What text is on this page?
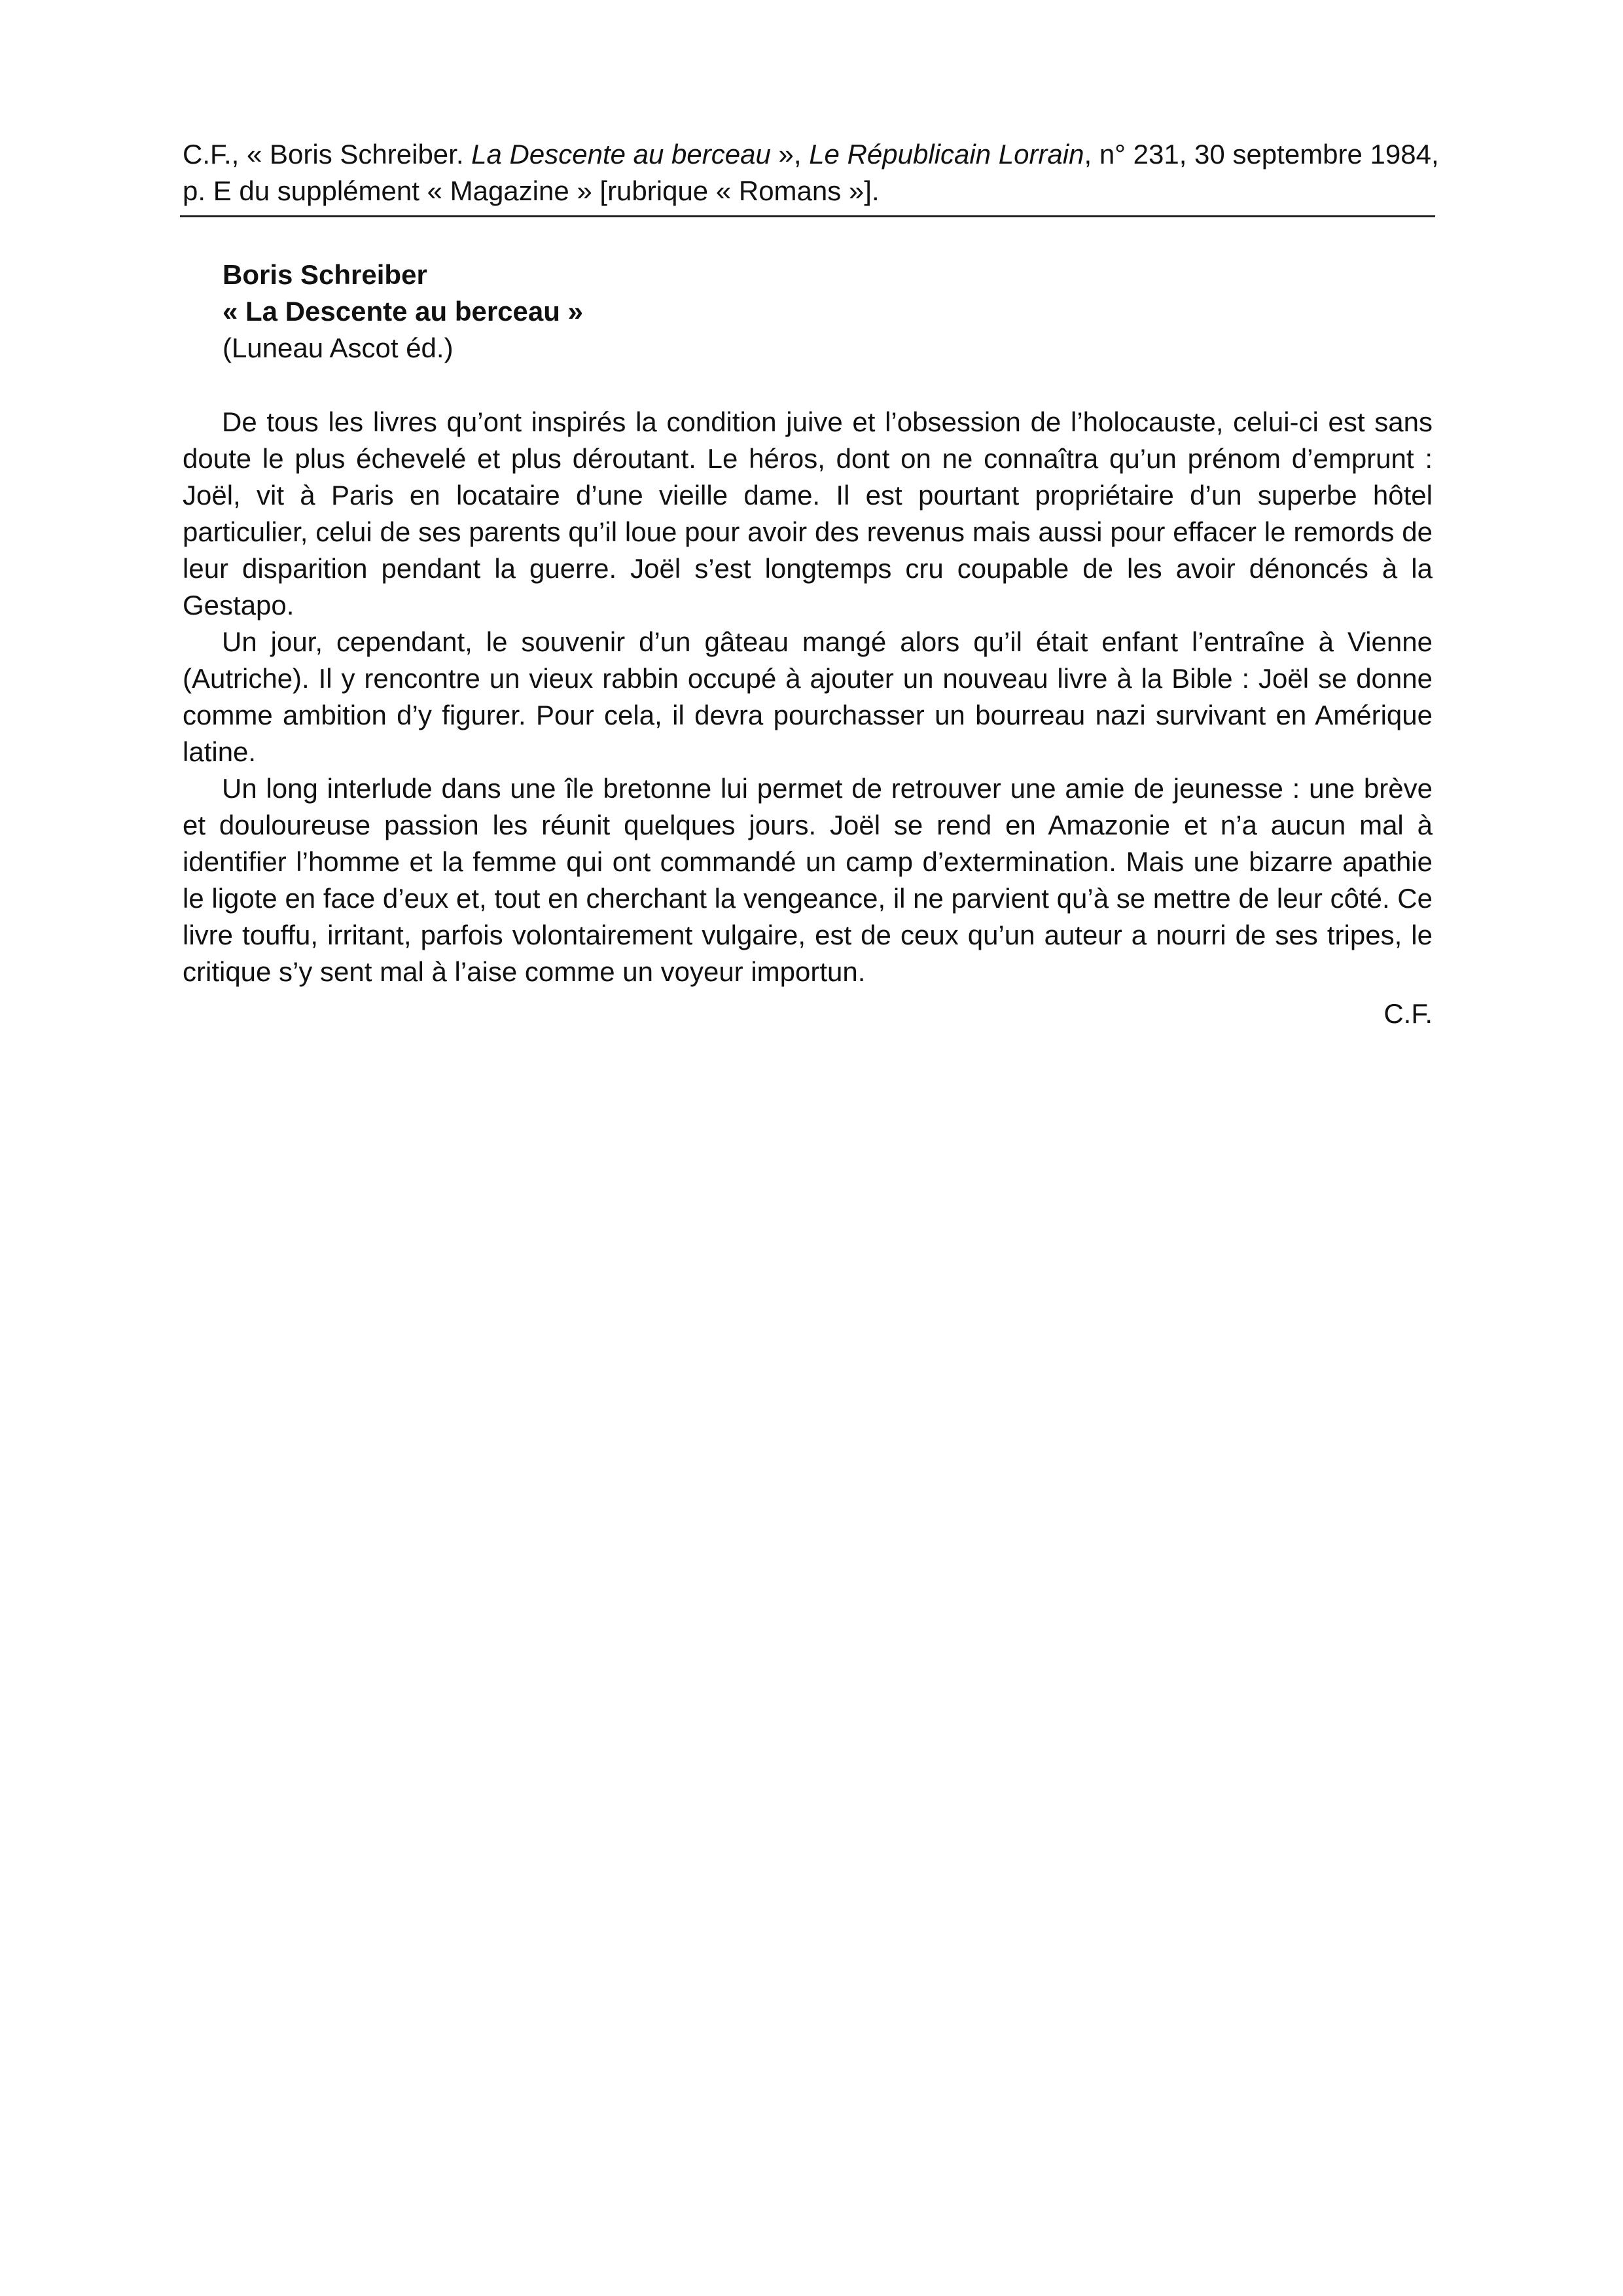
C.F., « Boris Schreiber. La Descente au berceau », Le Républicain Lorrain, n° 231, 30 septembre 1984,
p. E du supplément « Magazine » [rubrique « Romans »].
Boris Schreiber
« La Descente au berceau »
(Luneau Ascot éd.)

De tous les livres qu’ont inspirés la condition juive et l’obsession de l’holocauste, celui-ci est sans doute le plus échevelé et plus déroutant. Le héros, dont on ne connaîtra qu’un prénom d’emprunt : Joël, vit à Paris en locataire d’une vieille dame. Il est pourtant propriétaire d’un superbe hôtel particulier, celui de ses parents qu’il loue pour avoir des revenus mais aussi pour effacer le remords de leur disparition pendant la guerre. Joël s’est longtemps cru coupable de les avoir dénoncés à la Gestapo.

Un jour, cependant, le souvenir d’un gâteau mangé alors qu’il était enfant l’entraîne à Vienne (Autriche). Il y rencontre un vieux rabbin occupé à ajouter un nouveau livre à la Bible : Joël se donne comme ambition d’y figurer. Pour cela, il devra pourchasser un bourreau nazi survivant en Amérique latine.

Un long interlude dans une île bretonne lui permet de retrouver une amie de jeunesse : une brève et douloureuse passion les réunit quelques jours. Joël se rend en Amazonie et n’a aucun mal à identifier l’homme et la femme qui ont commandé un camp d’extermination. Mais une bizarre apathie le ligote en face d’eux et, tout en cherchant la vengeance, il ne parvient qu’à se mettre de leur côté. Ce livre touffu, irritant, parfois volontairement vulgaire, est de ceux qu’un auteur a nourri de ses tripes, le critique s’y sent mal à l’aise comme un voyeur importun.

C.F.
